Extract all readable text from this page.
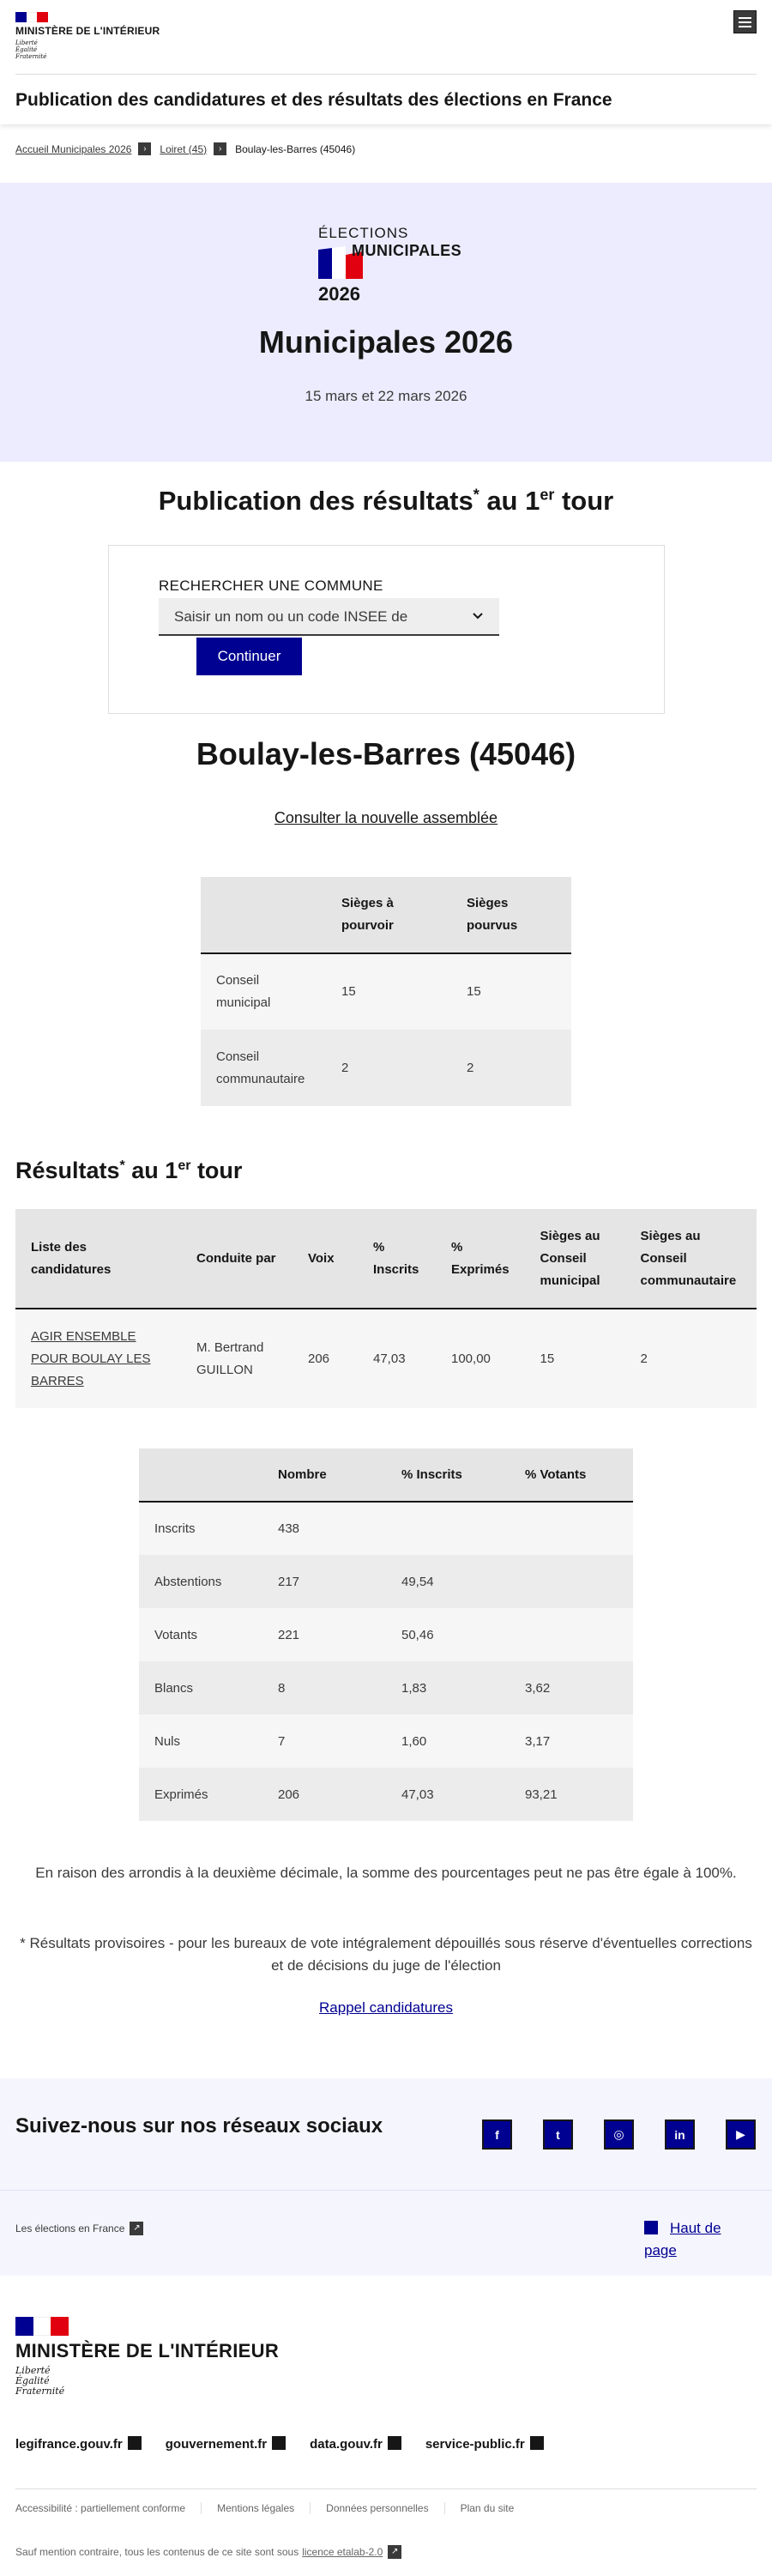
MINISTÈRE DE L'INTÉRIEUR
Liberté
Égalité
Fraternité
Publication des candidatures et des résultats des élections en France
Accueil Municipales 2026	›	Loiret (45)	›	Boulay-les-Barres (45046)
ÉLECTIONS
MUNICIPALES
2026
Municipales 2026
15 mars et 22 mars 2026
Publication des résultats* au 1er tour
RECHERCHER UNE COMMUNE
Saisir un nom ou un code INSEE de
Continuer
Boulay-les-Barres (45046)
Consulter la nouvelle assemblée
	Sièges à pourvoir	Sièges pourvus
Conseil municipal	15	15
Conseil communautaire	2	2
Résultats* au 1er tour
Liste des candidatures	Conduite par	Voix	% Inscrits	% Exprimés	Sièges au Conseil municipal	Sièges au Conseil communautaire
AGIR ENSEMBLE POUR BOULAY LES BARRES	M. Bertrand GUILLON	206	47,03	100,00	15	2
	Nombre	% Inscrits	% Votants
Inscrits	438		
Abstentions	217	49,54	
Votants	221	50,46	
Blancs	8	1,83	3,62
Nuls	7	1,60	3,17
Exprimés	206	47,03	93,21
En raison des arrondis à la deuxième décimale, la somme des pourcentages peut ne pas être égale à 100%.
* Résultats provisoires - pour les bureaux de vote intégralement dépouillés sous réserve d'éventuelles corrections et de décisions du juge de l'élection
Rappel candidatures
Suivez-nous sur nos réseaux sociaux	f	t	◎	in	▶
Les élections en France ↗	Haut de page
MINISTÈRE DE L'INTÉRIEUR
Liberté
Égalité
Fraternité
legifrance.gouv.fr	gouvernement.fr	data.gouv.fr	service-public.fr
Accessibilité : partiellement conforme	Mentions légales	Données personnelles	Plan du site
Sauf mention contraire, tous les contenus de ce site sont sous licence etalab-2.0 ↗
